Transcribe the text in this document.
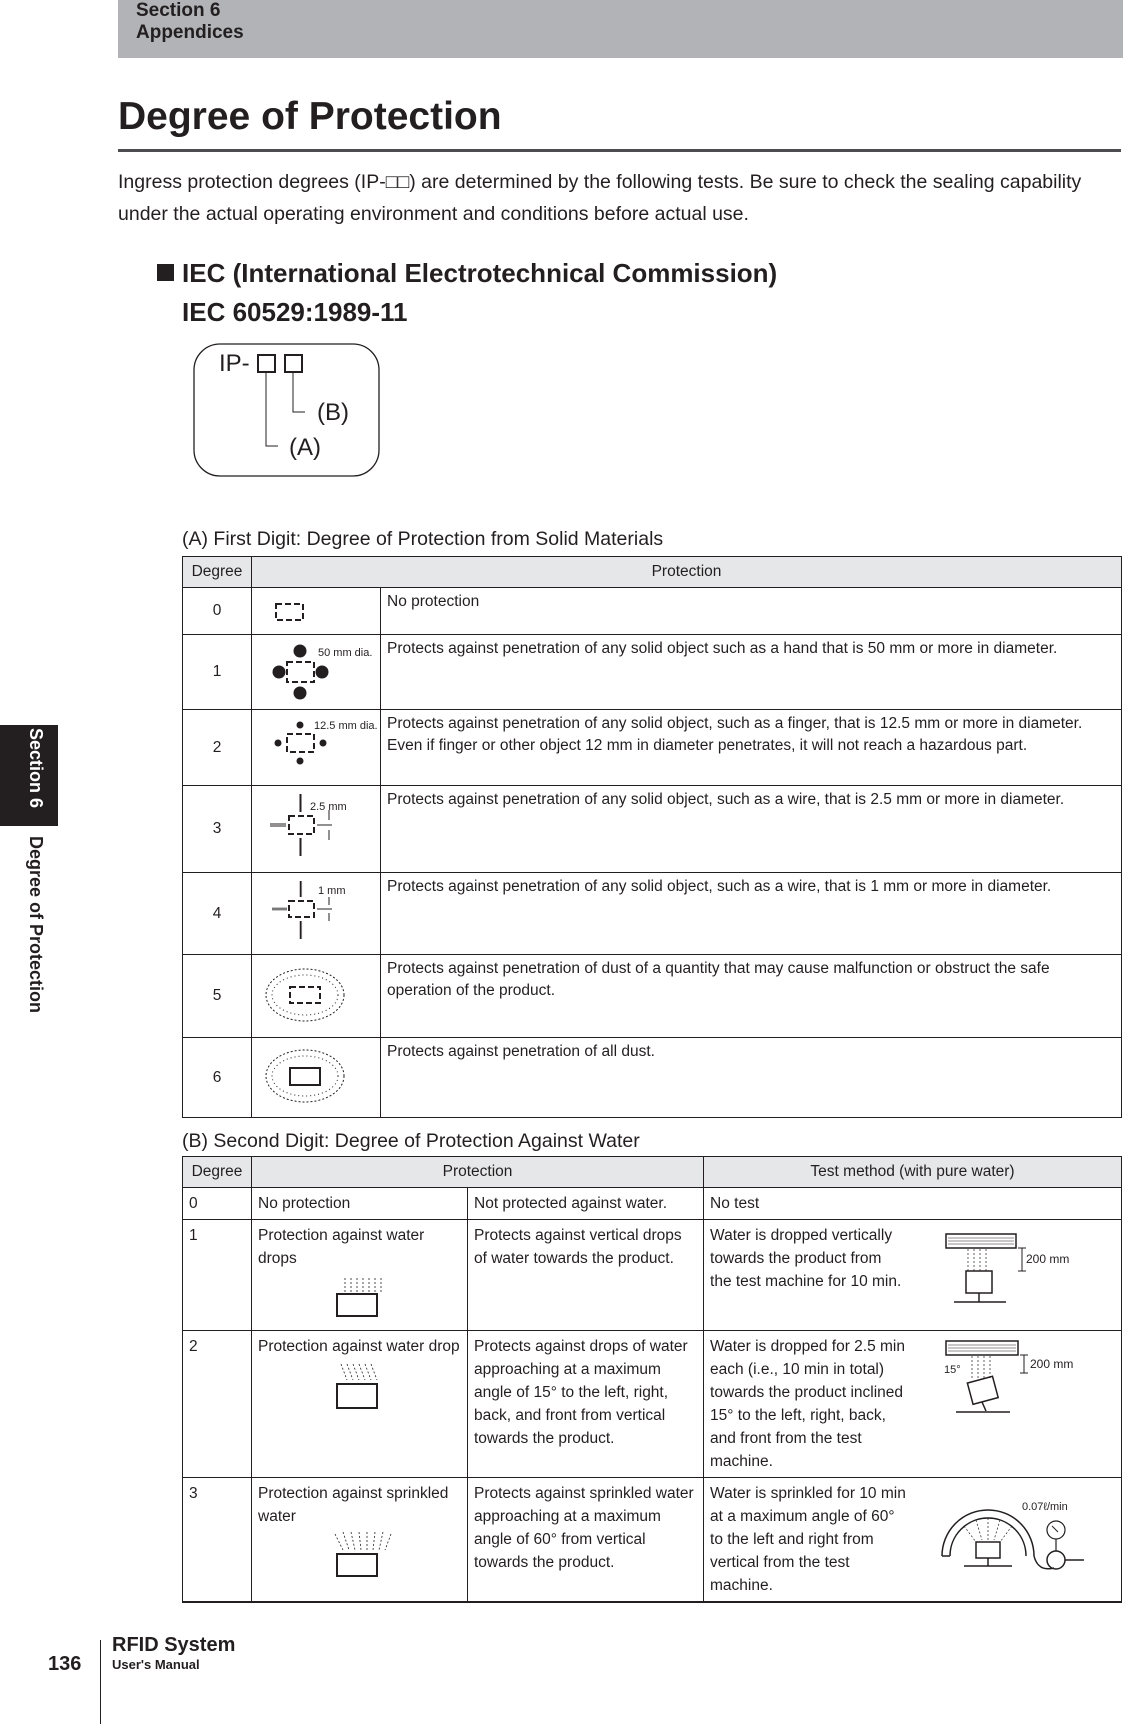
Section 6
Appendices
Section 6
Degree of Protection
Degree of Protection
Ingress protection degrees (IP-□□) are determined by the following tests. Be sure to check the sealing capability under the actual operating environment and conditions before actual use.
IEC (International Electrotechnical Commission)
IEC 60529:1989-11
IP-
(B)
(A)
(A) First Digit: Degree of Protection from Solid Materials
Degree	Protection	
0		No protection
1	50 mm dia.	Protects against penetration of any solid object such as a hand that is 50 mm or more in diameter.
2	12.5 mm dia.	Protects against penetration of any solid object, such as a finger, that is 12.5 mm or more in diameter. Even if finger or other object 12 mm in diameter penetrates, it will not reach a hazardous part.
3	2.5 mm	Protects against penetration of any solid object, such as a wire, that is 2.5 mm or more in diameter.
4	1 mm	Protects against penetration of any solid object, such as a wire, that is 1 mm or more in diameter.
5		Protects against penetration of dust of a quantity that may cause malfunction or obstruct the safe operation of the product.
6		Protects against penetration of all dust.
(B) Second Digit: Degree of Protection Against Water
Degree	Protection		Test method (with pure water)
0	No protection	Not protected against water.	No test
1	Protection against water drops	Protects against vertical drops of water towards the product.	Water is dropped vertically towards the product from the test machine for 10 min.
200 mm

2	Protection against water drop	Protects against drops of water approaching at a maximum angle of 15° to the left, right, back, and front from vertical towards the product.	Water is dropped for 2.5 min each (i.e., 10 min in total) towards the product inclined 15° to the left, right, back, and front from the test machine.
15° 200 mm

3	Protection against sprinkled water	Protects against sprinkled water approaching at a maximum angle of 60° from vertical towards the product.	Water is sprinkled for 10 min at a maximum angle of 60° to the left and right from vertical from the test machine.
0.07ℓ/min
136
RFID System
User's Manual
